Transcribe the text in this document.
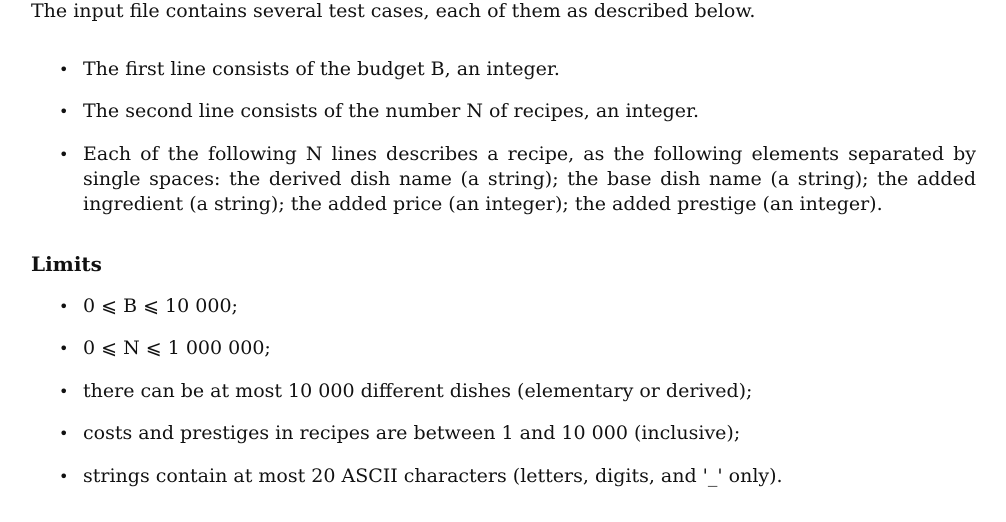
The input file contains several test cases, each of them as described below.

• The first line consists of the budget B, an integer.
• The second line consists of the number N of recipes, an integer.
• Each of the following N lines describes a recipe, as the following elements separated by single spaces: the derived dish name (a string); the base dish name (a string); the added ingredient (a string); the added price (an integer); the added prestige (an integer).
Limits
• 0 ⩽ B ⩽ 10 000;
• 0 ⩽ N ⩽ 1 000 000;
• there can be at most 10 000 different dishes (elementary or derived);
• costs and prestiges in recipes are between 1 and 10 000 (inclusive);
• strings contain at most 20 ASCII characters (letters, digits, and '_' only).
